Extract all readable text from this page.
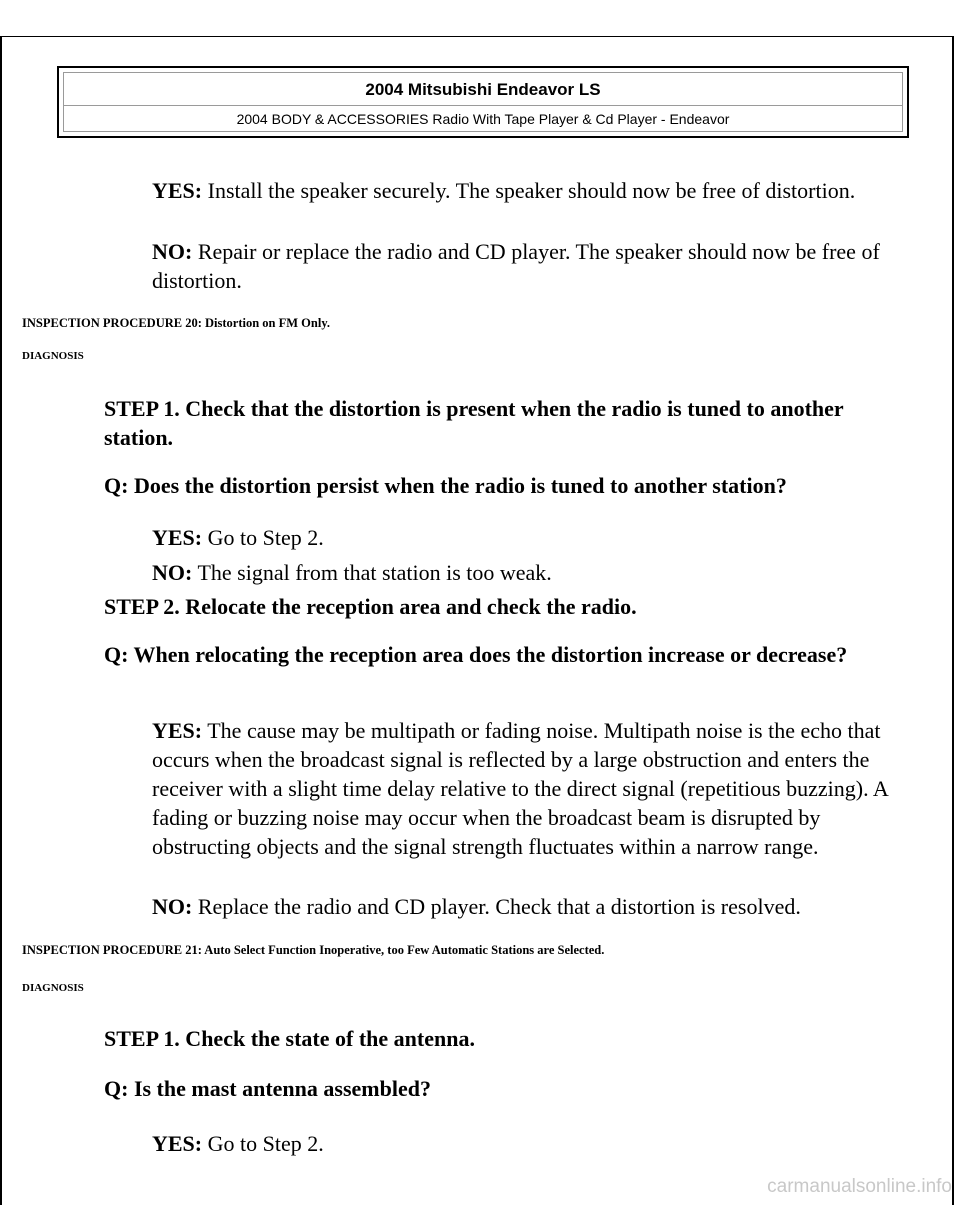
2004 Mitsubishi Endeavor LS
2004 BODY & ACCESSORIES Radio With Tape Player & Cd Player - Endeavor
YES: Install the speaker securely. The speaker should now be free of distortion.
NO: Repair or replace the radio and CD player. The speaker should now be free of distortion.
INSPECTION PROCEDURE 20: Distortion on FM Only.
DIAGNOSIS
STEP 1. Check that the distortion is present when the radio is tuned to another station.
Q: Does the distortion persist when the radio is tuned to another station?
YES: Go to Step 2.
NO: The signal from that station is too weak.
STEP 2. Relocate the reception area and check the radio.
Q: When relocating the reception area does the distortion increase or decrease?
YES: The cause may be multipath or fading noise. Multipath noise is the echo that occurs when the broadcast signal is reflected by a large obstruction and enters the receiver with a slight time delay relative to the direct signal (repetitious buzzing). A fading or buzzing noise may occur when the broadcast beam is disrupted by obstructing objects and the signal strength fluctuates within a narrow range.
NO: Replace the radio and CD player. Check that a distortion is resolved.
INSPECTION PROCEDURE 21: Auto Select Function Inoperative, too Few Automatic Stations are Selected.
DIAGNOSIS
STEP 1. Check the state of the antenna.
Q: Is the mast antenna assembled?
YES: Go to Step 2.
carmanualsonline.info
